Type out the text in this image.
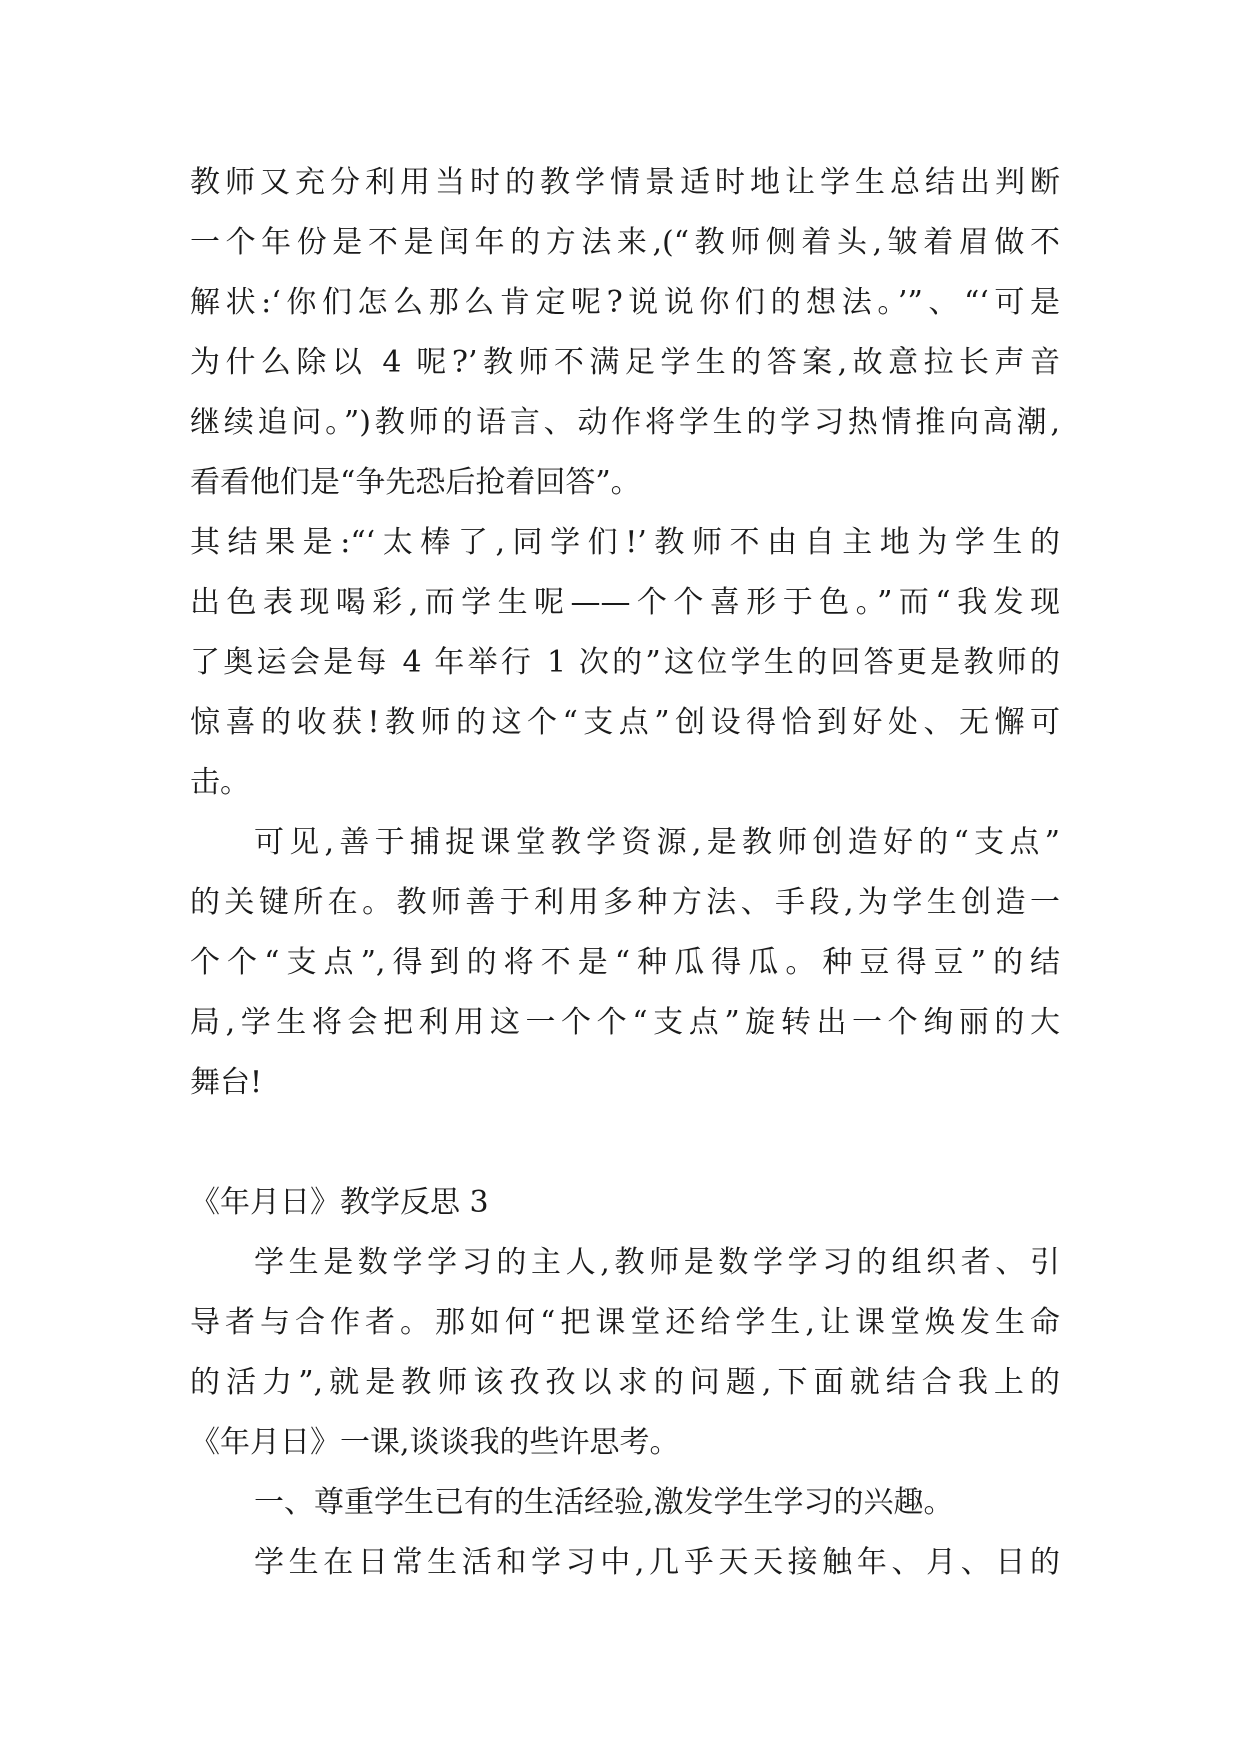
教师又充分利用当时的教学情景适时地让学生总结出判断
一个年份是不是闰年的方法来,(“教师侧着头,皱着眉做不
解状:‘你们怎么那么肯定呢?说说你们的想法。’”、“‘可是
为什么除以 4 呢?’教师不满足学生的答案,故意拉长声音
继续追问。”)教师的语言、动作将学生的学习热情推向高潮,
看看他们是“争先恐后抢着回答”。
其结果是:“‘太棒了,同学们!’教师不由自主地为学生的
出色表现喝彩,而学生呢——个个喜形于色。”而“我发现
了奥运会是每 4 年举行 1 次的”这位学生的回答更是教师的
惊喜的收获!教师的这个“支点”创设得恰到好处、无懈可
击。
可见,善于捕捉课堂教学资源,是教师创造好的“支点”
的关键所在。教师善于利用多种方法、手段,为学生创造一
个个“支点”,得到的将不是“种瓜得瓜。种豆得豆”的结
局,学生将会把利用这一个个“支点”旋转出一个绚丽的大
舞台!
《年月日》教学反思 3
学生是数学学习的主人,教师是数学学习的组织者、引
导者与合作者。那如何“把课堂还给学生,让课堂焕发生命
的活力”,就是教师该孜孜以求的问题,下面就结合我上的
《年月日》一课,谈谈我的些许思考。
一、尊重学生已有的生活经验,激发学生学习的兴趣。
学生在日常生活和学习中,几乎天天接触年、月、日的
